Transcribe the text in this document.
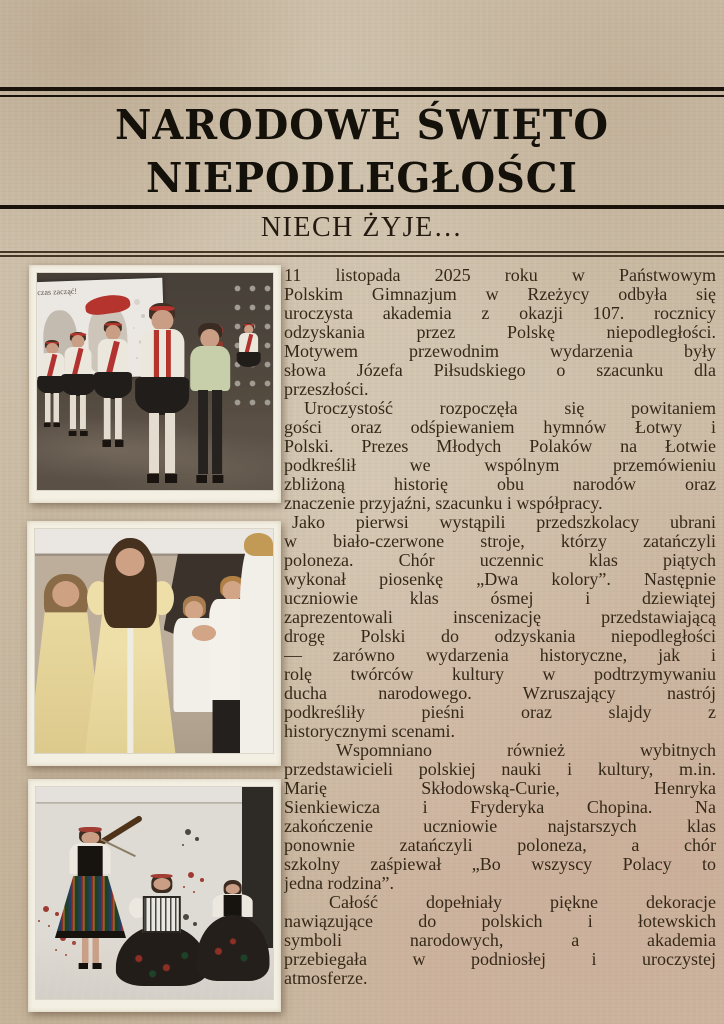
NARODOWE ŚWIĘTO
NIEPODLEGŁOŚCI
NIECH ŻYJE…
czas zacząć!
11 listopada 2025 roku w Państwowym
Polskim Gimnazjum w Rzeżycy odbyła się
uroczysta akademia z okazji 107. rocznicy
odzyskania przez Polskę niepodległości.
Motywem przewodnim wydarzenia były
słowa Józefa Piłsudskiego o szacunku dla
przeszłości.
Uroczystość rozpoczęła się powitaniem
gości oraz odśpiewaniem hymnów Łotwy i
Polski. Prezes Młodych Polaków na Łotwie
podkreślił we wspólnym przemówieniu
zbliżoną historię obu narodów oraz
znaczenie przyjaźni, szacunku i współpracy.
Jako pierwsi wystąpili przedszkolacy ubrani
w biało-czerwone stroje, którzy zatańczyli
poloneza. Chór uczennic klas piątych
wykonał piosenkę „Dwa kolory”. Następnie
uczniowie klas ósmej i dziewiątej
zaprezentowali inscenizację przedstawiającą
drogę Polski do odzyskania niepodległości
— zarówno wydarzenia historyczne, jak i
rolę twórców kultury w podtrzymywaniu
ducha narodowego. Wzruszający nastrój
podkreśliły pieśni oraz slajdy z
historycznymi scenami.
Wspomniano również wybitnych
przedstawicieli polskiej nauki i kultury, m.in.
Marię Skłodowską-Curie, Henryka
Sienkiewicza i Fryderyka Chopina. Na
zakończenie uczniowie najstarszych klas
ponownie zatańczyli poloneza, a chór
szkolny zaśpiewał „Bo wszyscy Polacy to
jedna rodzina”.
Całość dopełniały piękne dekoracje
nawiązujące do polskich i łotewskich
symboli narodowych, a akademia
przebiegała w podniosłej i uroczystej
atmosferze.
